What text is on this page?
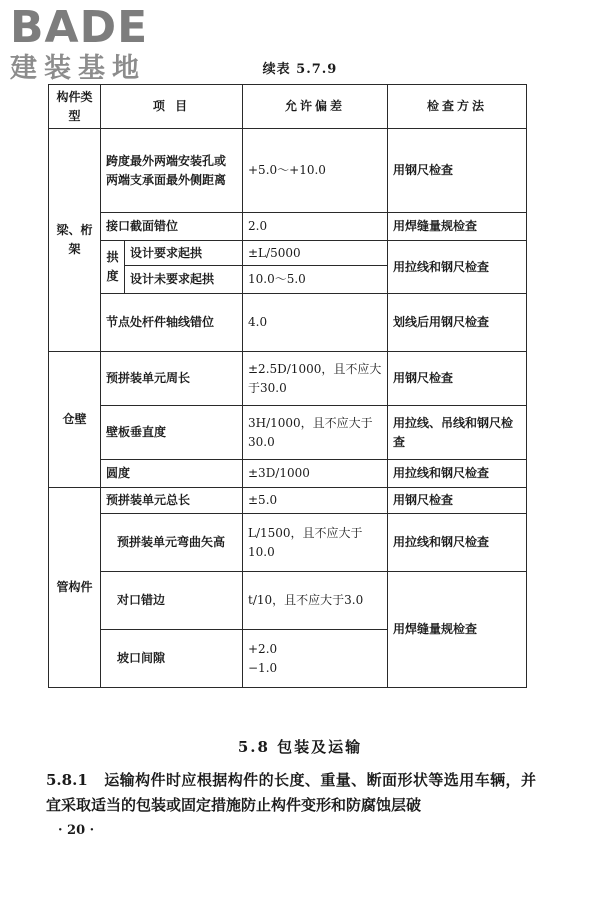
BADE
建装基地	续表 5.7.9
构件类型	项 目		允许偏差	检查方法
梁、桁架	跨度最外两端安装孔或两端支承面最外侧距离		+5.0～+10.0	用钢尺检查
	接口截面错位		2.0	用焊缝量规检查
	拱度	设计要求起拱	±L/5000	用拉线和钢尺检查
		设计未要求起拱	10.0～5.0	
	节点处杆件轴线错位		4.0	划线后用钢尺检查
仓壁	预拼装单元周长		±2.5D/1000，且不应大于30.0	用钢尺检查
	壁板垂直度		3H/1000，且不应大于30.0	用拉线、吊线和钢尺检查
	圆度		±3D/1000	用拉线和钢尺检查
管构件	预拼装单元总长		±5.0	用钢尺检查
	预拼装单元弯曲矢高		L/1500，且不应大于10.0	用拉线和钢尺检查
	对口错边		t/10，且不应大于3.0	用焊缝量规检查
	坡口间隙		+2.0
−1.0	
5.8 包装及运输
5.8.1 运输构件时应根据构件的长度、重量、断面形状等选用车辆，并宜采取适当的包装或固定措施防止构件变形和防腐蚀层破
· 20 ·
